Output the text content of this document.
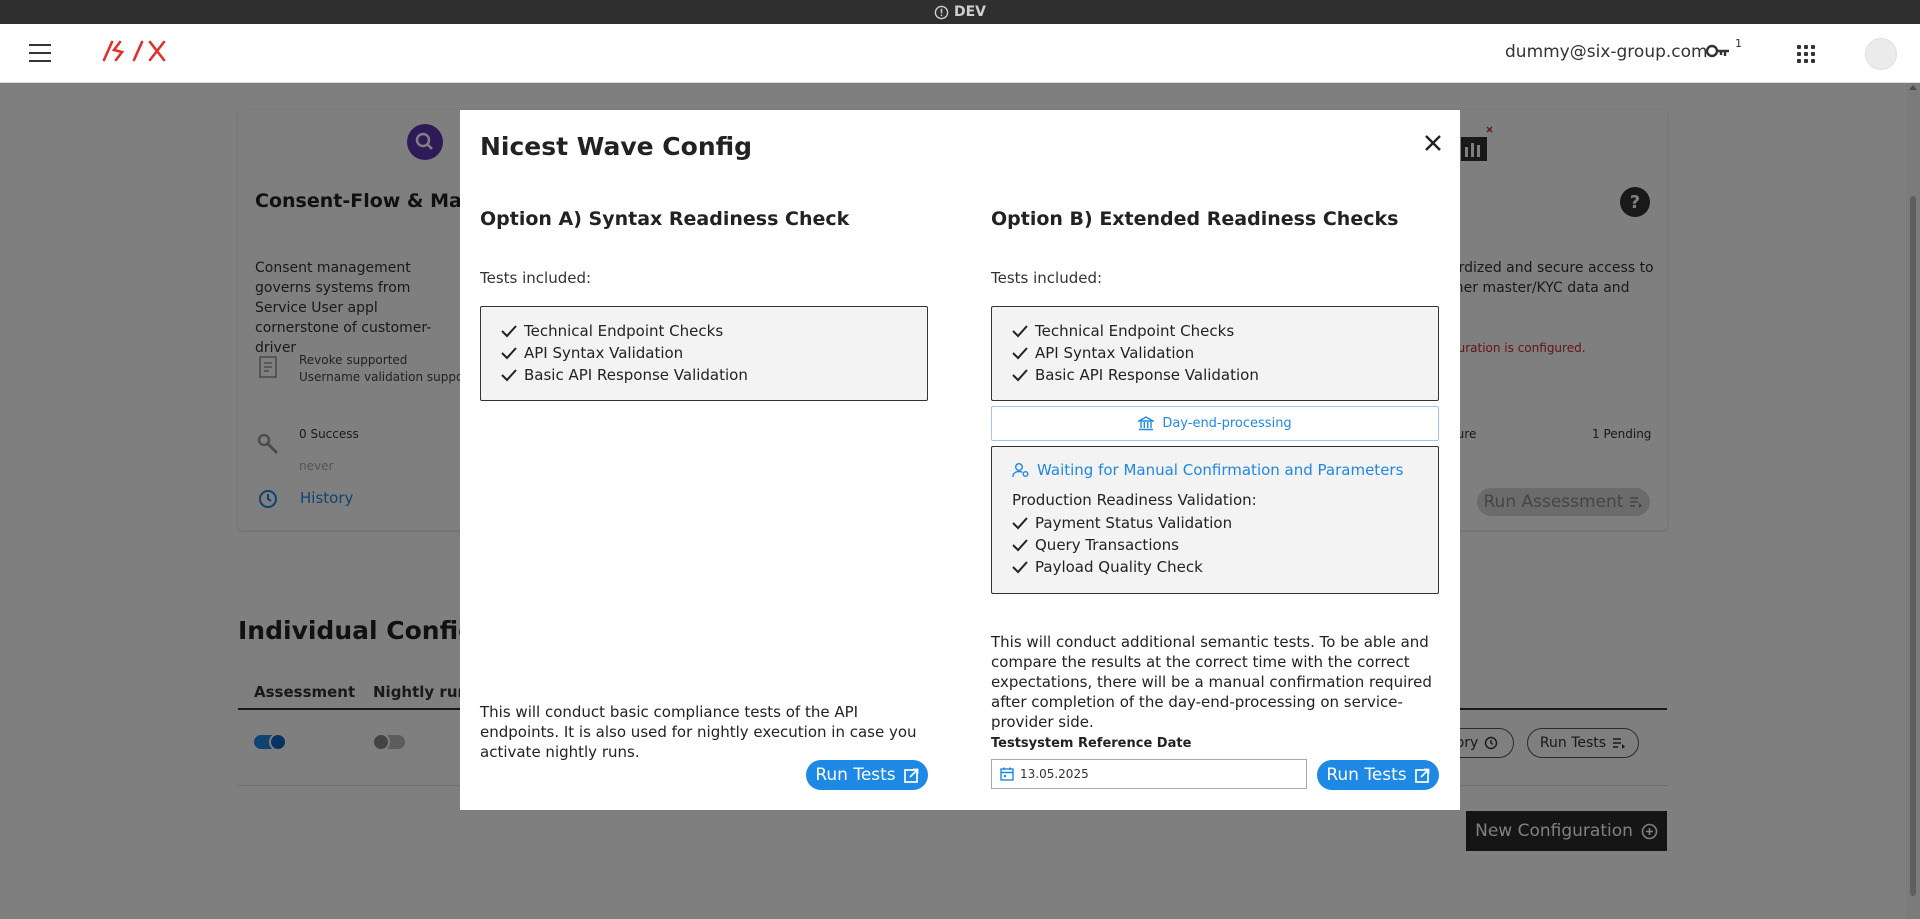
DEV
dummy@six-group.com 1
Nicest Wave Config
Option A) Syntax Readiness Check
Tests included:
Technical Endpoint Checks
API Syntax Validation
Basic API Response Validation

This will conduct basic compliance tests of the API endpoints. It is also used for nightly execution in case you activate nightly runs.

Run Tests
Option B) Extended Readiness Checks
Tests included:
Technical Endpoint Checks
API Syntax Validation
Basic API Response Validation
Day-end-processing
Waiting for Manual Confirmation and Parameters
Production Readiness Validation:
Payment Status Validation
Query Transactions
Payload Quality Check

This will conduct additional semantic tests. To be able and compare the results at the correct time with the correct expectations, there will be a manual confirmation required after completion of the day-end-processing on service-provider side.

Testsystem Reference Date
13.05.2025
Run Tests
